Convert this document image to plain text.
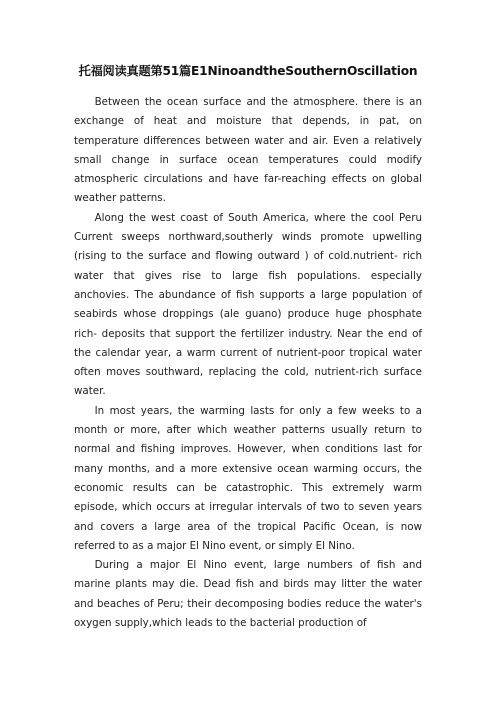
托福阅读真题第51篇E1NinoandtheSouthernOscillation

Between the ocean surface and the atmosphere. there is an exchange of heat and moisture that depends, in pat, on temperature differences between water and air. Even a relatively small change in surface ocean temperatures could modify atmospheric circulations and have far-reaching effects on global weather patterns.

Along the west coast of South America, where the cool Peru Current sweeps northward,southerly winds promote upwelling (rising to the surface and flowing outward ) of cold.nutrient- rich water that gives rise to large fish populations. especially anchovies. The abundance of fish supports a large population of seabirds whose droppings (ale guano) produce huge phosphate rich- deposits that support the fertilizer industry. Near the end of the calendar year, a warm current of nutrient-poor tropical water often moves southward, replacing the cold, nutrient-rich surface water.

In most years, the warming lasts for only a few weeks to a month or more, after which weather patterns usually return to normal and fishing improves. However, when conditions last for many months, and a more extensive ocean warming occurs, the economic results can be catastrophic. This extremely warm episode, which occurs at irregular intervals of two to seven years and covers a large area of the tropical Pacific Ocean, is now referred to as a major El Nino event, or simply El Nino.

During a major El Nino event, large numbers of fish and marine plants may die. Dead fish and birds may litter the water and beaches of Peru; their decomposing bodies reduce the water's oxygen supply,which leads to the bacterial production of
